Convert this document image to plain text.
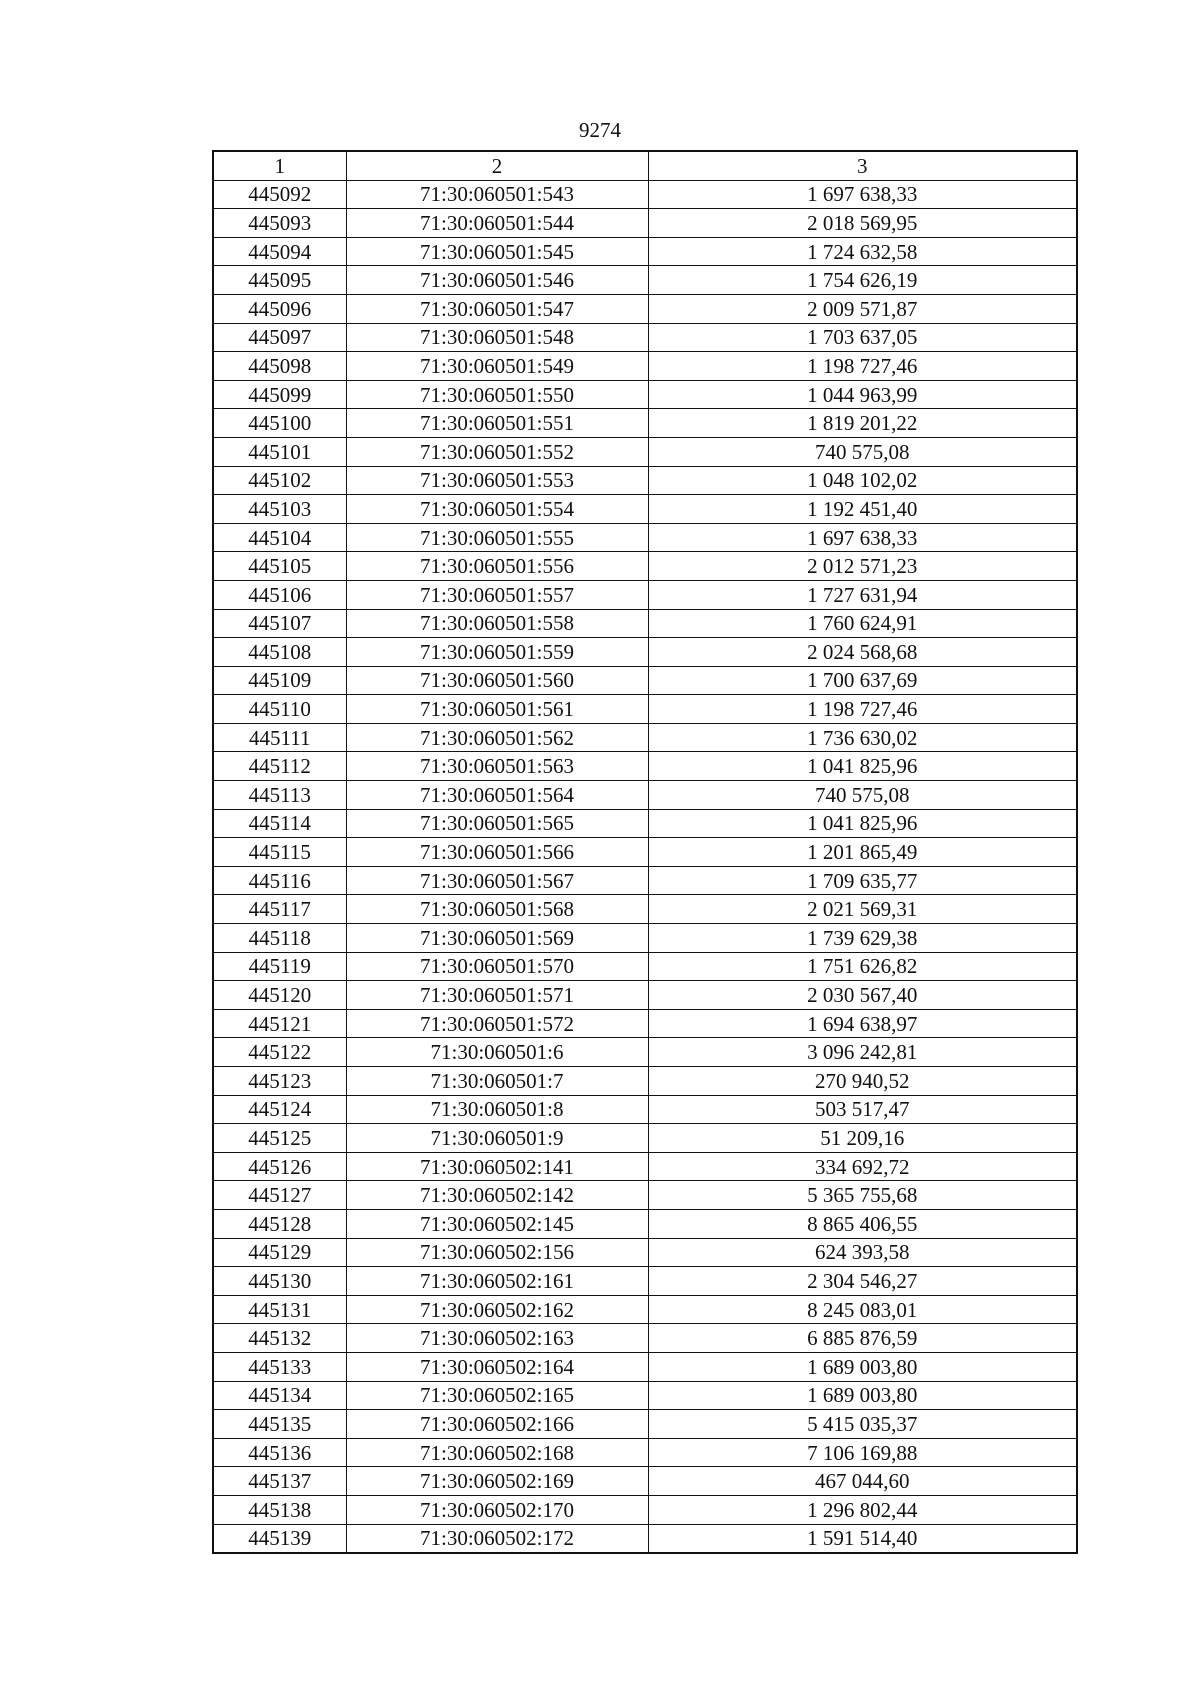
9274
1	2	3
445092	71:30:060501:543	1 697 638,33
445093	71:30:060501:544	2 018 569,95
445094	71:30:060501:545	1 724 632,58
445095	71:30:060501:546	1 754 626,19
445096	71:30:060501:547	2 009 571,87
445097	71:30:060501:548	1 703 637,05
445098	71:30:060501:549	1 198 727,46
445099	71:30:060501:550	1 044 963,99
445100	71:30:060501:551	1 819 201,22
445101	71:30:060501:552	740 575,08
445102	71:30:060501:553	1 048 102,02
445103	71:30:060501:554	1 192 451,40
445104	71:30:060501:555	1 697 638,33
445105	71:30:060501:556	2 012 571,23
445106	71:30:060501:557	1 727 631,94
445107	71:30:060501:558	1 760 624,91
445108	71:30:060501:559	2 024 568,68
445109	71:30:060501:560	1 700 637,69
445110	71:30:060501:561	1 198 727,46
445111	71:30:060501:562	1 736 630,02
445112	71:30:060501:563	1 041 825,96
445113	71:30:060501:564	740 575,08
445114	71:30:060501:565	1 041 825,96
445115	71:30:060501:566	1 201 865,49
445116	71:30:060501:567	1 709 635,77
445117	71:30:060501:568	2 021 569,31
445118	71:30:060501:569	1 739 629,38
445119	71:30:060501:570	1 751 626,82
445120	71:30:060501:571	2 030 567,40
445121	71:30:060501:572	1 694 638,97
445122	71:30:060501:6	3 096 242,81
445123	71:30:060501:7	270 940,52
445124	71:30:060501:8	503 517,47
445125	71:30:060501:9	51 209,16
445126	71:30:060502:141	334 692,72
445127	71:30:060502:142	5 365 755,68
445128	71:30:060502:145	8 865 406,55
445129	71:30:060502:156	624 393,58
445130	71:30:060502:161	2 304 546,27
445131	71:30:060502:162	8 245 083,01
445132	71:30:060502:163	6 885 876,59
445133	71:30:060502:164	1 689 003,80
445134	71:30:060502:165	1 689 003,80
445135	71:30:060502:166	5 415 035,37
445136	71:30:060502:168	7 106 169,88
445137	71:30:060502:169	467 044,60
445138	71:30:060502:170	1 296 802,44
445139	71:30:060502:172	1 591 514,40
